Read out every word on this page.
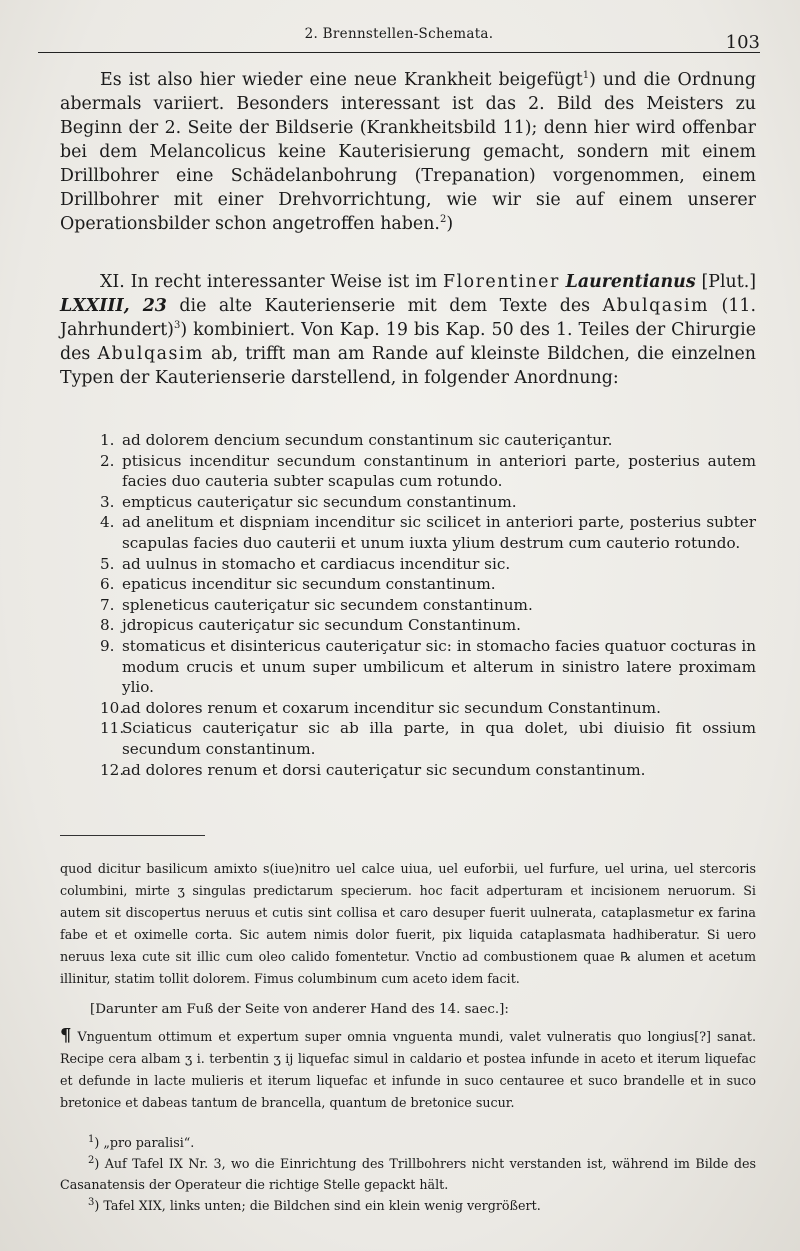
2. Brennstellen-Schemata.	103

Es ist also hier wieder eine neue Krankheit beigefügt$^1$) und die Ordnung abermals variiert. Besonders interessant ist das 2. Bild des Meisters zu Beginn der 2. Seite der Bildserie (Krankheitsbild 11); denn hier wird offenbar bei dem Melancolicus keine Kauterisierung gemacht, sondern mit einem Drillbohrer eine Schädelanbohrung (Trepanation) vorgenommen, einem Drillbohrer mit einer Drehvorrichtung, wie wir sie auf einem unserer Operationsbilder schon angetroffen haben.$^2$)

XI. In recht interessanter Weise ist im Florentiner Laurentianus [Plut.] LXXIII, 23 die alte Kauterienserie mit dem Texte des Abulqasim (11. Jahrhundert)$^3$) kombiniert. Von Kap. 19 bis Kap. 50 des 1. Teiles der Chirurgie des Abulqasim ab, trifft man am Rande auf kleinste Bildchen, die einzelnen Typen der Kauterienserie darstellend, in folgender Anordnung:

1. ad dolorem dencium secundum constantinum sic cauteriçantur.
2. ptisicus incenditur secundum constantinum in anteriori parte, posterius autem facies duo cauteria subter scapulas cum rotundo.
3. empticus cauteriçatur sic secundum constantinum.
4. ad anelitum et dispniam incenditur sic scilicet in anteriori parte, posterius subter scapulas facies duo cauterii et unum iuxta ylium destrum cum cauterio rotundo.
5. ad uulnus in stomacho et cardiacus incenditur sic.
6. epaticus incenditur sic secundum constantinum.
7. spleneticus cauteriçatur sic secundem constantinum.
8. jdropicus cauteriçatur sic secundum Constantinum.
9. stomaticus et disintericus cauteriçatur sic: in stomacho facies quatuor cocturas in modum crucis et unum super umbilicum et alterum in sinistro latere proximam ylio.
10.
ad dolores renum et coxarum incenditur sic secundum Constantinum.
11.
Sciaticus cauteriçatur sic ab illa parte, in qua dolet, ubi diuisio fit ossium secundum constantinum.
12.
ad dolores renum et dorsi cauteriçatur sic secundum constantinum.

quod dicitur basilicum amixto s(iue)nitro uel calce uiua, uel euforbii, uel furfure, uel urina, uel stercoris columbini, mirte ʒ singulas predictarum specierum. hoc facit adperturam et incisionem neruorum. Si autem sit discopertus neruus et cutis sint collisa et caro desuper fuerit uulnerata, cataplasmetur ex farina fabe et et oximelle corta. Sic autem nimis dolor fuerit, pix liquida cataplasmata hadhiberatur. Si uero neruus lexa cute sit illic cum oleo calido fomentetur. Vnctio ad combustionem quae ℞ alumen et acetum illinitur, statim tollit dolorem. Fimus columbinum cum aceto idem facit.

[Darunter am Fuß der Seite von anderer Hand des 14. saec.]:

¶ Vnguentum ottimum et expertum super omnia vnguenta mundi, valet vulneratis quo longius[?] sanat. Recipe cera albam ʒ i. terbentin ʒ ij liquefac simul in caldario et postea infunde in aceto et iterum liquefac et defunde in lacte mulieris et iterum liquefac et infunde in suco centaureе et suco brandelle et in suco bretonice et dabeas tantum de brancella, quantum de bretonice sucur.

$^1$) „pro paralisi“.

$^2$) Auf Tafel IX Nr. 3, wo die Einrichtung des Trillbohrers nicht verstanden ist, während im Bilde des Casanatensis der Operateur die richtige Stelle gepackt hält.

$^3$) Tafel XIX, links unten; die Bildchen sind ein klein wenig vergrößert.
